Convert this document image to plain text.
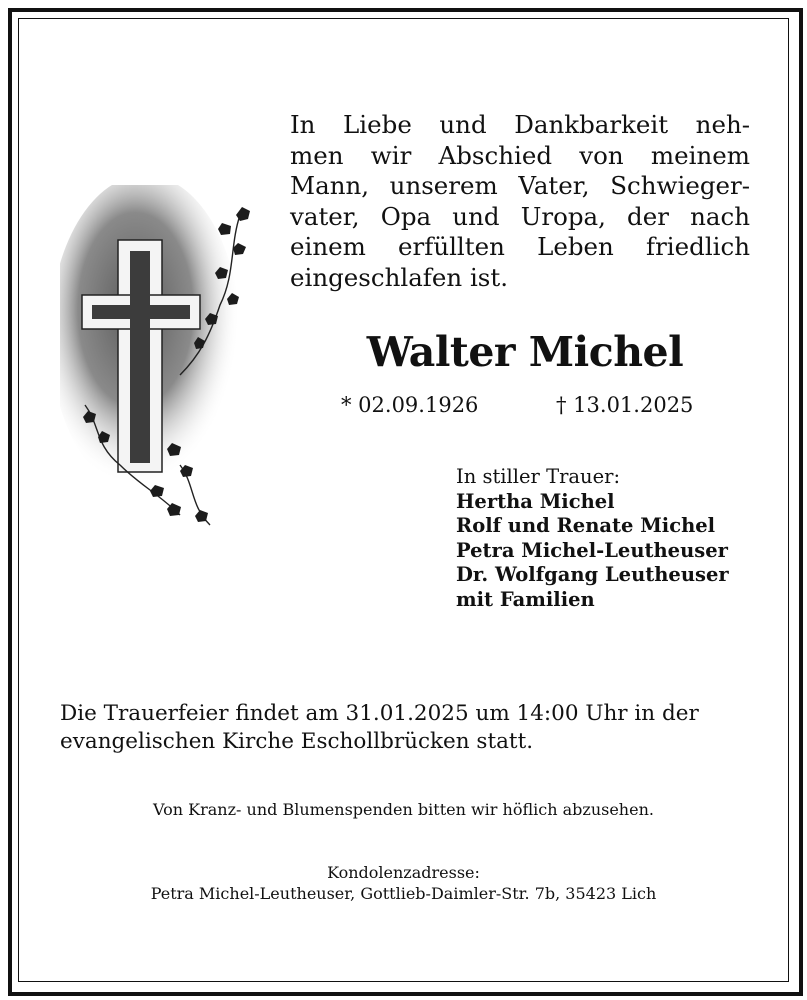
In Liebe und Dankbarkeit neh-
men wir Abschied von meinem
Mann, unserem Vater, Schwieger-
vater, Opa und Uropa, der nach
einem erfüllten Leben friedlich
eingeschlafen ist.
Walter Michel
* 02.09.1926	† 13.01.2025
In stiller Trauer:
Hertha Michel
Rolf und Renate Michel
Petra Michel-Leutheuser
Dr. Wolfgang Leutheuser
mit Familien
Die Trauerfeier findet am 31.01.2025 um 14:00 Uhr in der
evangelischen Kirche Eschollbrücken statt.

Von Kranz- und Blumenspenden bitten wir höflich abzusehen.

Kondolenzadresse:
Petra Michel-Leutheuser, Gottlieb-Daimler-Str. 7b, 35423 Lich
